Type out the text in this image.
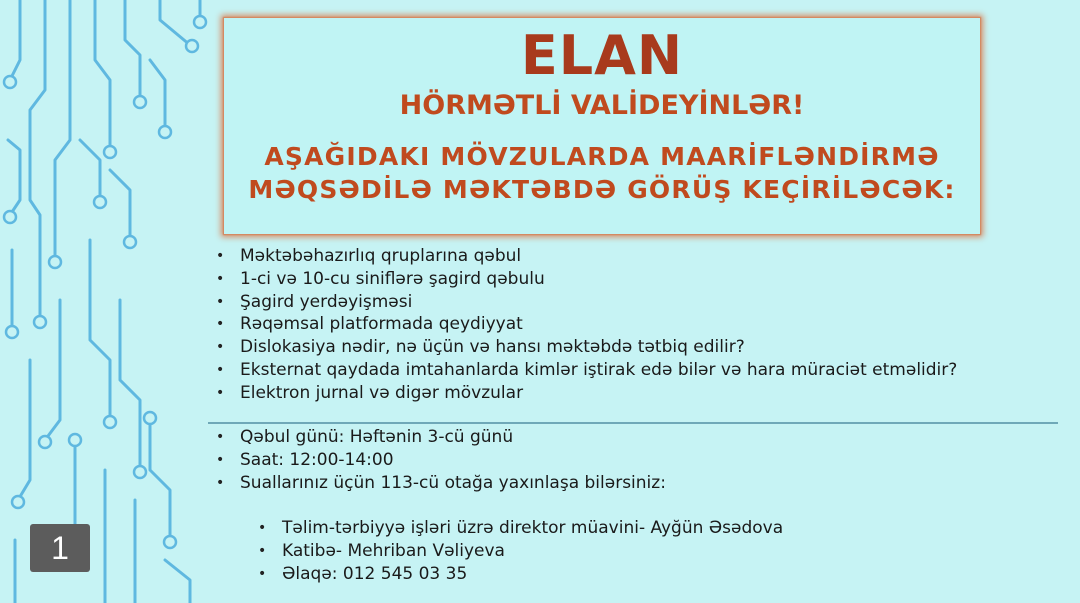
ELAN
HÖRMƏTLİ VALİDEYİNLƏR!
AŞAĞIDAKI MÖVZULARDA MAARİFLƏNDİRMƏ
MƏQSƏDİLƏ MƏKTƏBDƏ GÖRÜŞ KEÇİRİLƏCƏK:
• Məktəbəhazırlıq qruplarına qəbul
• 1-ci və 10-cu siniflərə şagird qəbulu
• Şagird yerdəyişməsi
• Rəqəmsal platformada qeydiyyat
• Dislokasiya nədir, nə üçün və hansı məktəbdə tətbiq edilir?
• Eksternat qaydada imtahanlarda kimlər iştirak edə bilər və hara müraciət etməlidir?
• Elektron jurnal və digər mövzular
• Qəbul günü: Həftənin 3-cü günü
• Saat: 12:00-14:00
• Suallarınız üçün 113-cü otağa yaxınlaşa bilərsiniz:
• Təlim-tərbiyyə işləri üzrə direktor müavini- Ayğün Əsədova
• Katibə- Mehriban Vəliyeva
• Əlaqə: 012 545 03 35
1
